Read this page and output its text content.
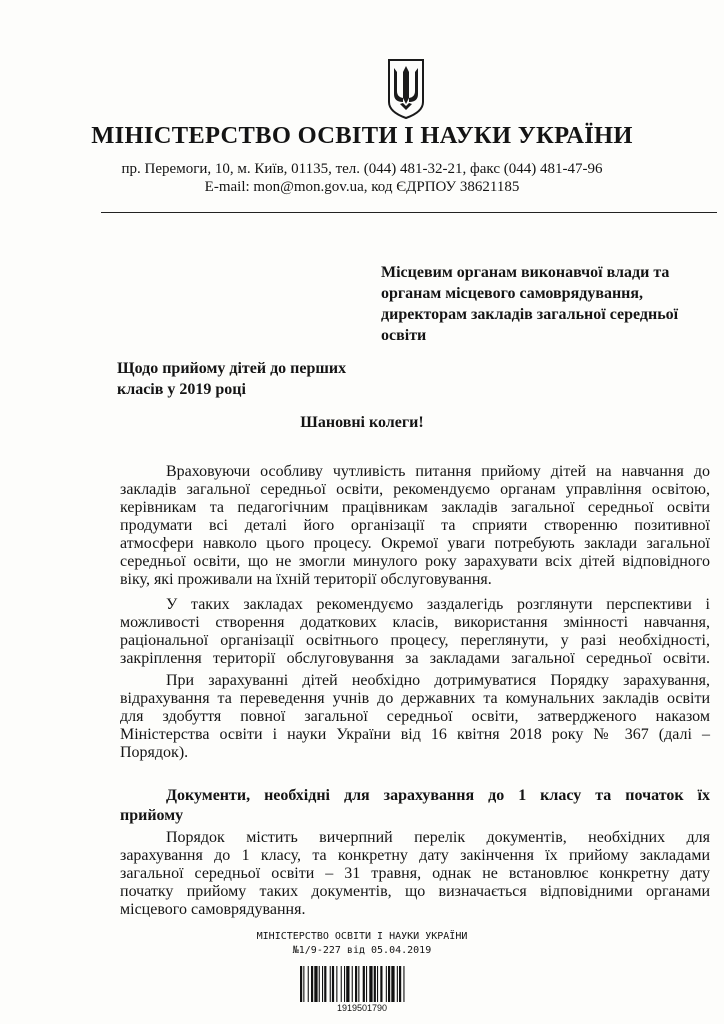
МІНІСТЕРСТВО ОСВІТИ І НАУКИ УКРАЇНИ
пр. Перемоги, 10, м. Київ, 01135, тел. (044) 481-32-21, факс (044) 481-47-96
E-mail: mon@mon.gov.ua, код ЄДРПОУ 38621185
Місцевим органам виконавчої влади та
органам місцевого самоврядування,
директорам закладів загальної середньої
освіти
Щодо прийому дітей до перших
класів у 2019 році
Шановні колеги!
Враховуючи особливу чутливість питання прийому дітей на навчання до
закладів загальної середньої освіти, рекомендуємо органам управління освітою,
керівникам та педагогічним працівникам закладів загальної середньої освіти
продумати всі деталі його організації та сприяти створенню позитивної
атмосфери навколо цього процесу. Окремої уваги потребують заклади загальної
середньої освіти, що не змогли минулого року зарахувати всіх дітей відповідного
віку, які проживали на їхній території обслуговування.
У таких закладах рекомендуємо заздалегідь розглянути перспективи і
можливості створення додаткових класів, використання змінності навчання,
раціональної організації освітнього процесу, переглянути, у разі необхідності,
закріплення території обслуговування за закладами загальної середньої освіти.
При зарахуванні дітей необхідно дотримуватися Порядку зарахування,
відрахування та переведення учнів до державних та комунальних закладів освіти
для здобуття повної загальної середньої освіти, затвердженого наказом
Міністерства освіти і науки України від 16 квітня 2018 року № 367 (далі –
Порядок).
Документи, необхідні для зарахування до 1 класу та початок їх
прийому
Порядок містить вичерпний перелік документів, необхідних для
зарахування до 1 класу, та конкретну дату закінчення їх прийому закладами
загальної середньої освіти – 31 травня, однак не встановлює конкретну дату
початку прийому таких документів, що визначається відповідними органами
місцевого самоврядування.
МІНІСТЕРСТВО ОСВІТИ І НАУКИ УКРАЇНИ
№1/9-227 від 05.04.2019
1919501790
